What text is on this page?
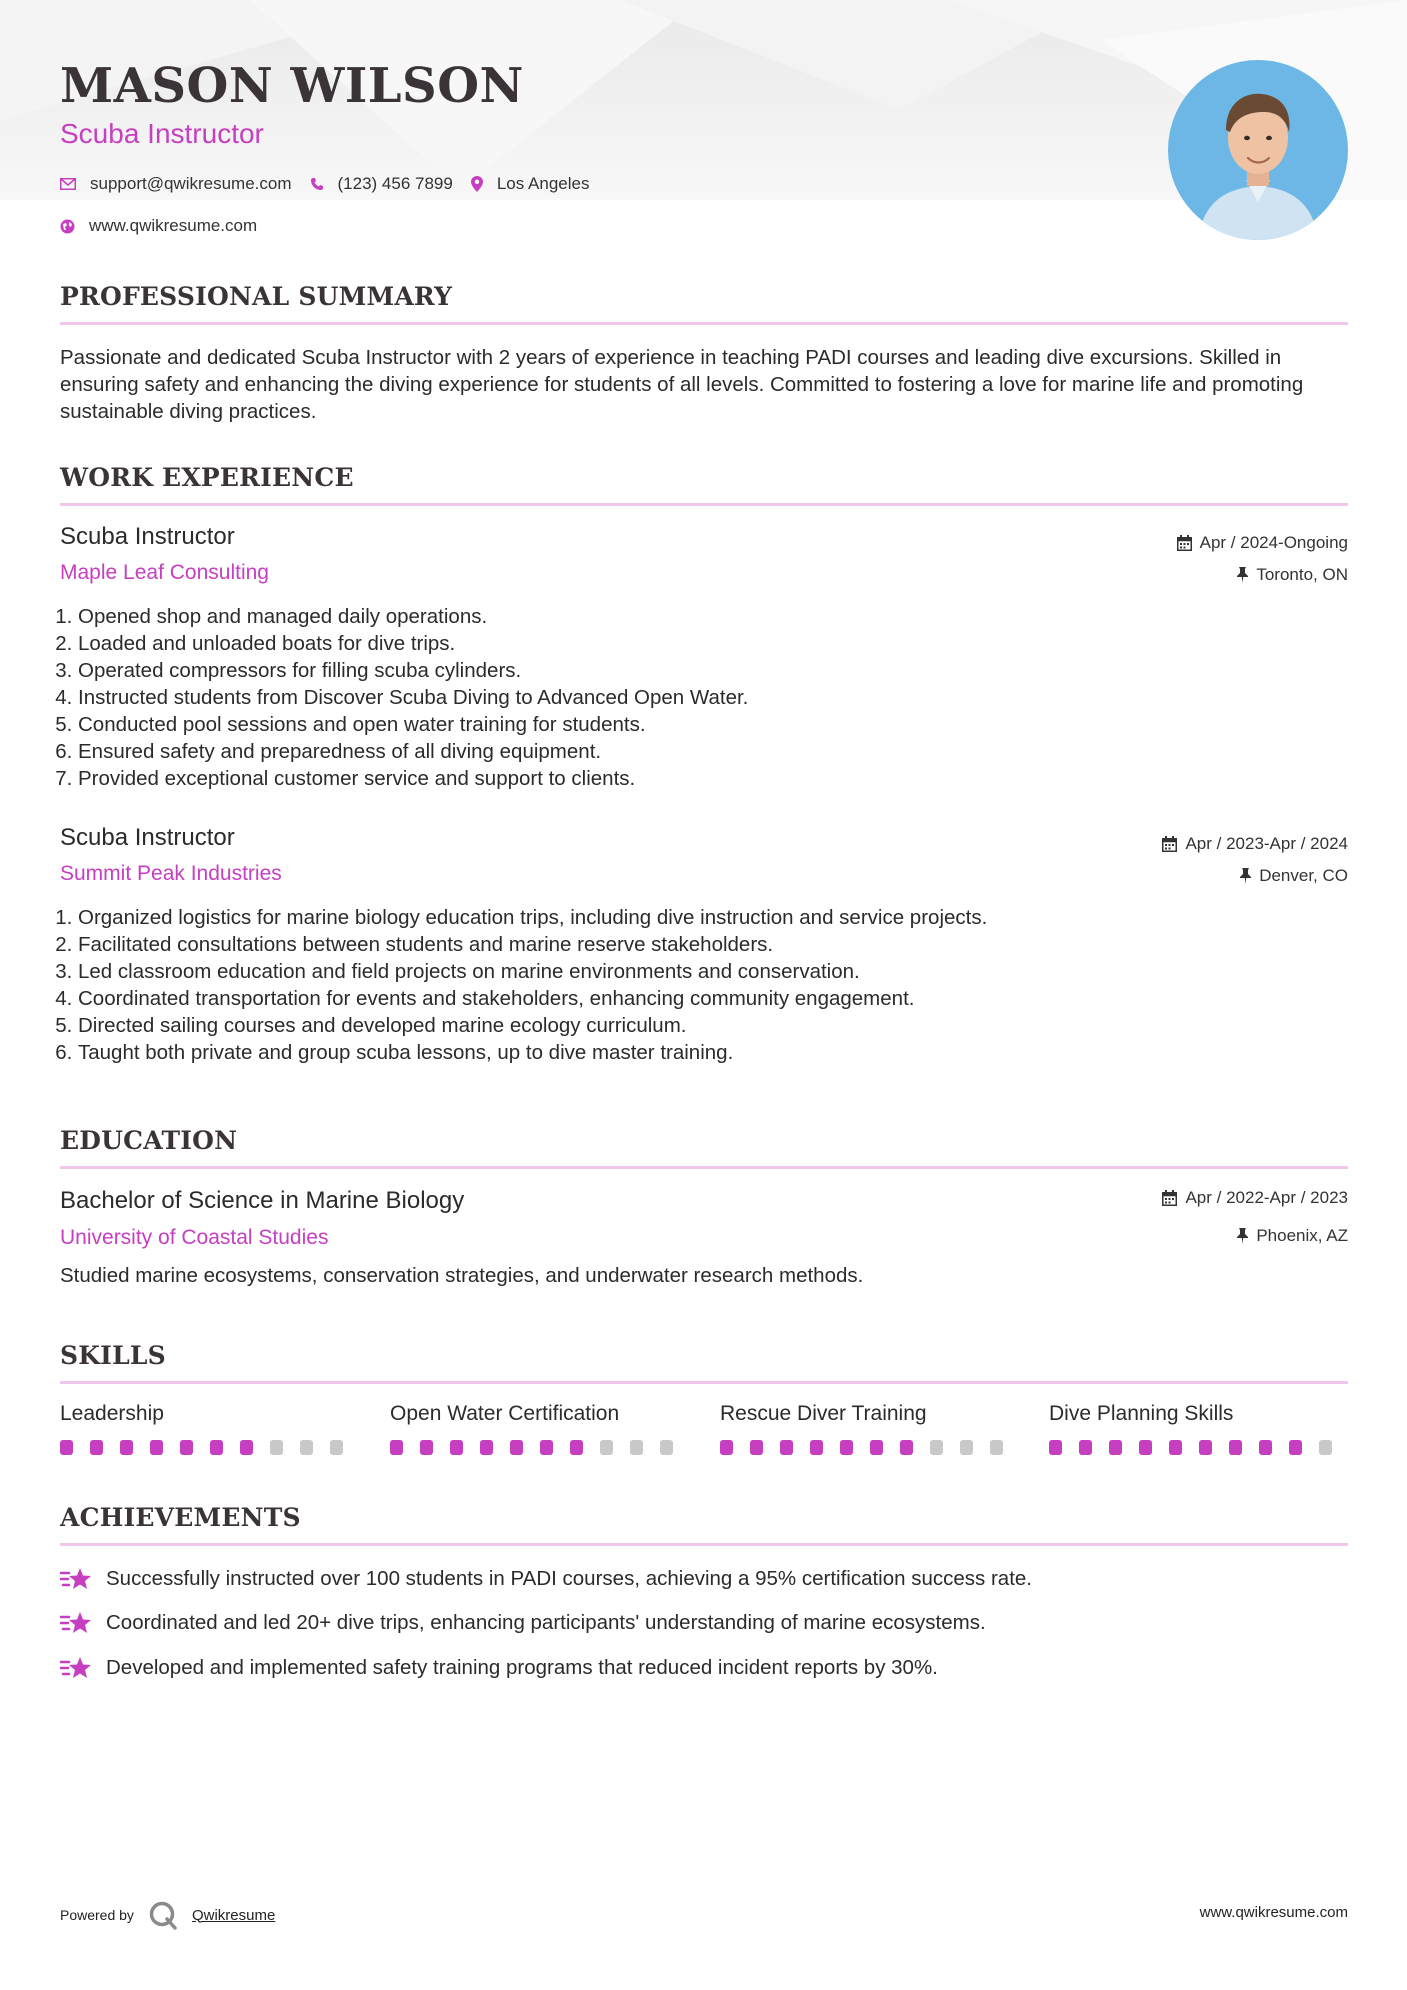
MASON WILSON
Scuba Instructor
support@qwikresume.com	(123) 456 7899	Los Angeles
www.qwikresume.com
PROFESSIONAL SUMMARY

Passionate and dedicated Scuba Instructor with 2 years of experience in teaching PADI courses and leading dive excursions. Skilled in ensuring safety and enhancing the diving experience for students of all levels. Committed to fostering a love for marine life and promoting sustainable diving practices.

WORK EXPERIENCE
Scuba Instructor	Apr / 2024-Ongoing
Maple Leaf Consulting	Toronto, ON
1. Opened shop and managed daily operations.
2. Loaded and unloaded boats for dive trips.
3. Operated compressors for filling scuba cylinders.
4. Instructed students from Discover Scuba Diving to Advanced Open Water.
5. Conducted pool sessions and open water training for students.
6. Ensured safety and preparedness of all diving equipment.
7. Provided exceptional customer service and support to clients.
Scuba Instructor	Apr / 2023-Apr / 2024
Summit Peak Industries	Denver, CO
1. Organized logistics for marine biology education trips, including dive instruction and service projects.
2. Facilitated consultations between students and marine reserve stakeholders.
3. Led classroom education and field projects on marine environments and conservation.
4. Coordinated transportation for events and stakeholders, enhancing community engagement.
5. Directed sailing courses and developed marine ecology curriculum.
6. Taught both private and group scuba lessons, up to dive master training.
EDUCATION
Bachelor of Science in Marine Biology	Apr / 2022-Apr / 2023
University of Coastal Studies	Phoenix, AZ

Studied marine ecosystems, conservation strategies, and underwater research methods.

SKILLS
Leadership	Open Water Certification	Rescue Diver Training	Dive Planning Skills
ACHIEVEMENTS
Successfully instructed over 100 students in PADI courses, achieving a 95% certification success rate.
Coordinated and led 20+ dive trips, enhancing participants' understanding of marine ecosystems.
Developed and implemented safety training programs that reduced incident reports by 30%.
Powered by	Qwikresume	www.qwikresume.com
